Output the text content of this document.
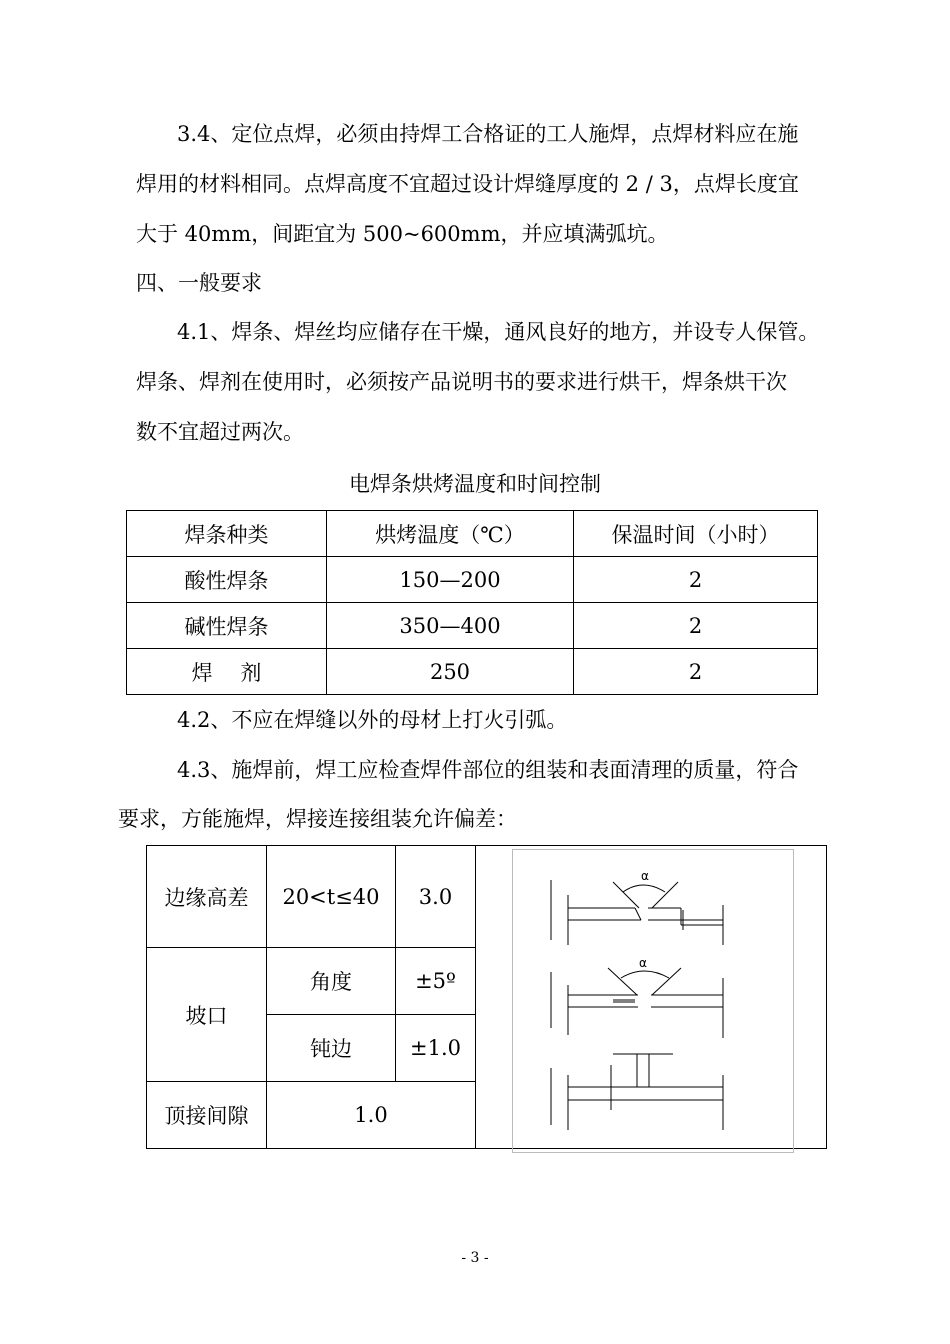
3.4、定位点焊，必须由持焊工合格证的工人施焊，点焊材料应在施
焊用的材料相同。点焊高度不宜超过设计焊缝厚度的 2 / 3，点焊长度宜
大于 40mm，间距宜为 500~600mm，并应填满弧坑。
四、一般要求
4.1、焊条、焊丝均应储存在干燥，通风良好的地方，并设专人保管。
焊条、焊剂在使用时，必须按产品说明书的要求进行烘干，焊条烘干次
数不宜超过两次。
电焊条烘烤温度和时间控制
焊条种类	烘烤温度（℃）	保温时间（小时）
酸性焊条	150—200	2
碱性焊条	350—400	2
焊　 剂	250	2
4.2、不应在焊缝以外的母材上打火引弧。
4.3、施焊前，焊工应检查焊件部位的组装和表面清理的质量，符合
要求，方能施焊，焊接连接组装允许偏差：
边缘高差	20<t≤40	3.0	
坡口	角度	±5º	
	钝边	±1.0	
顶接间隙	1.0		
α
α
- 3 -
